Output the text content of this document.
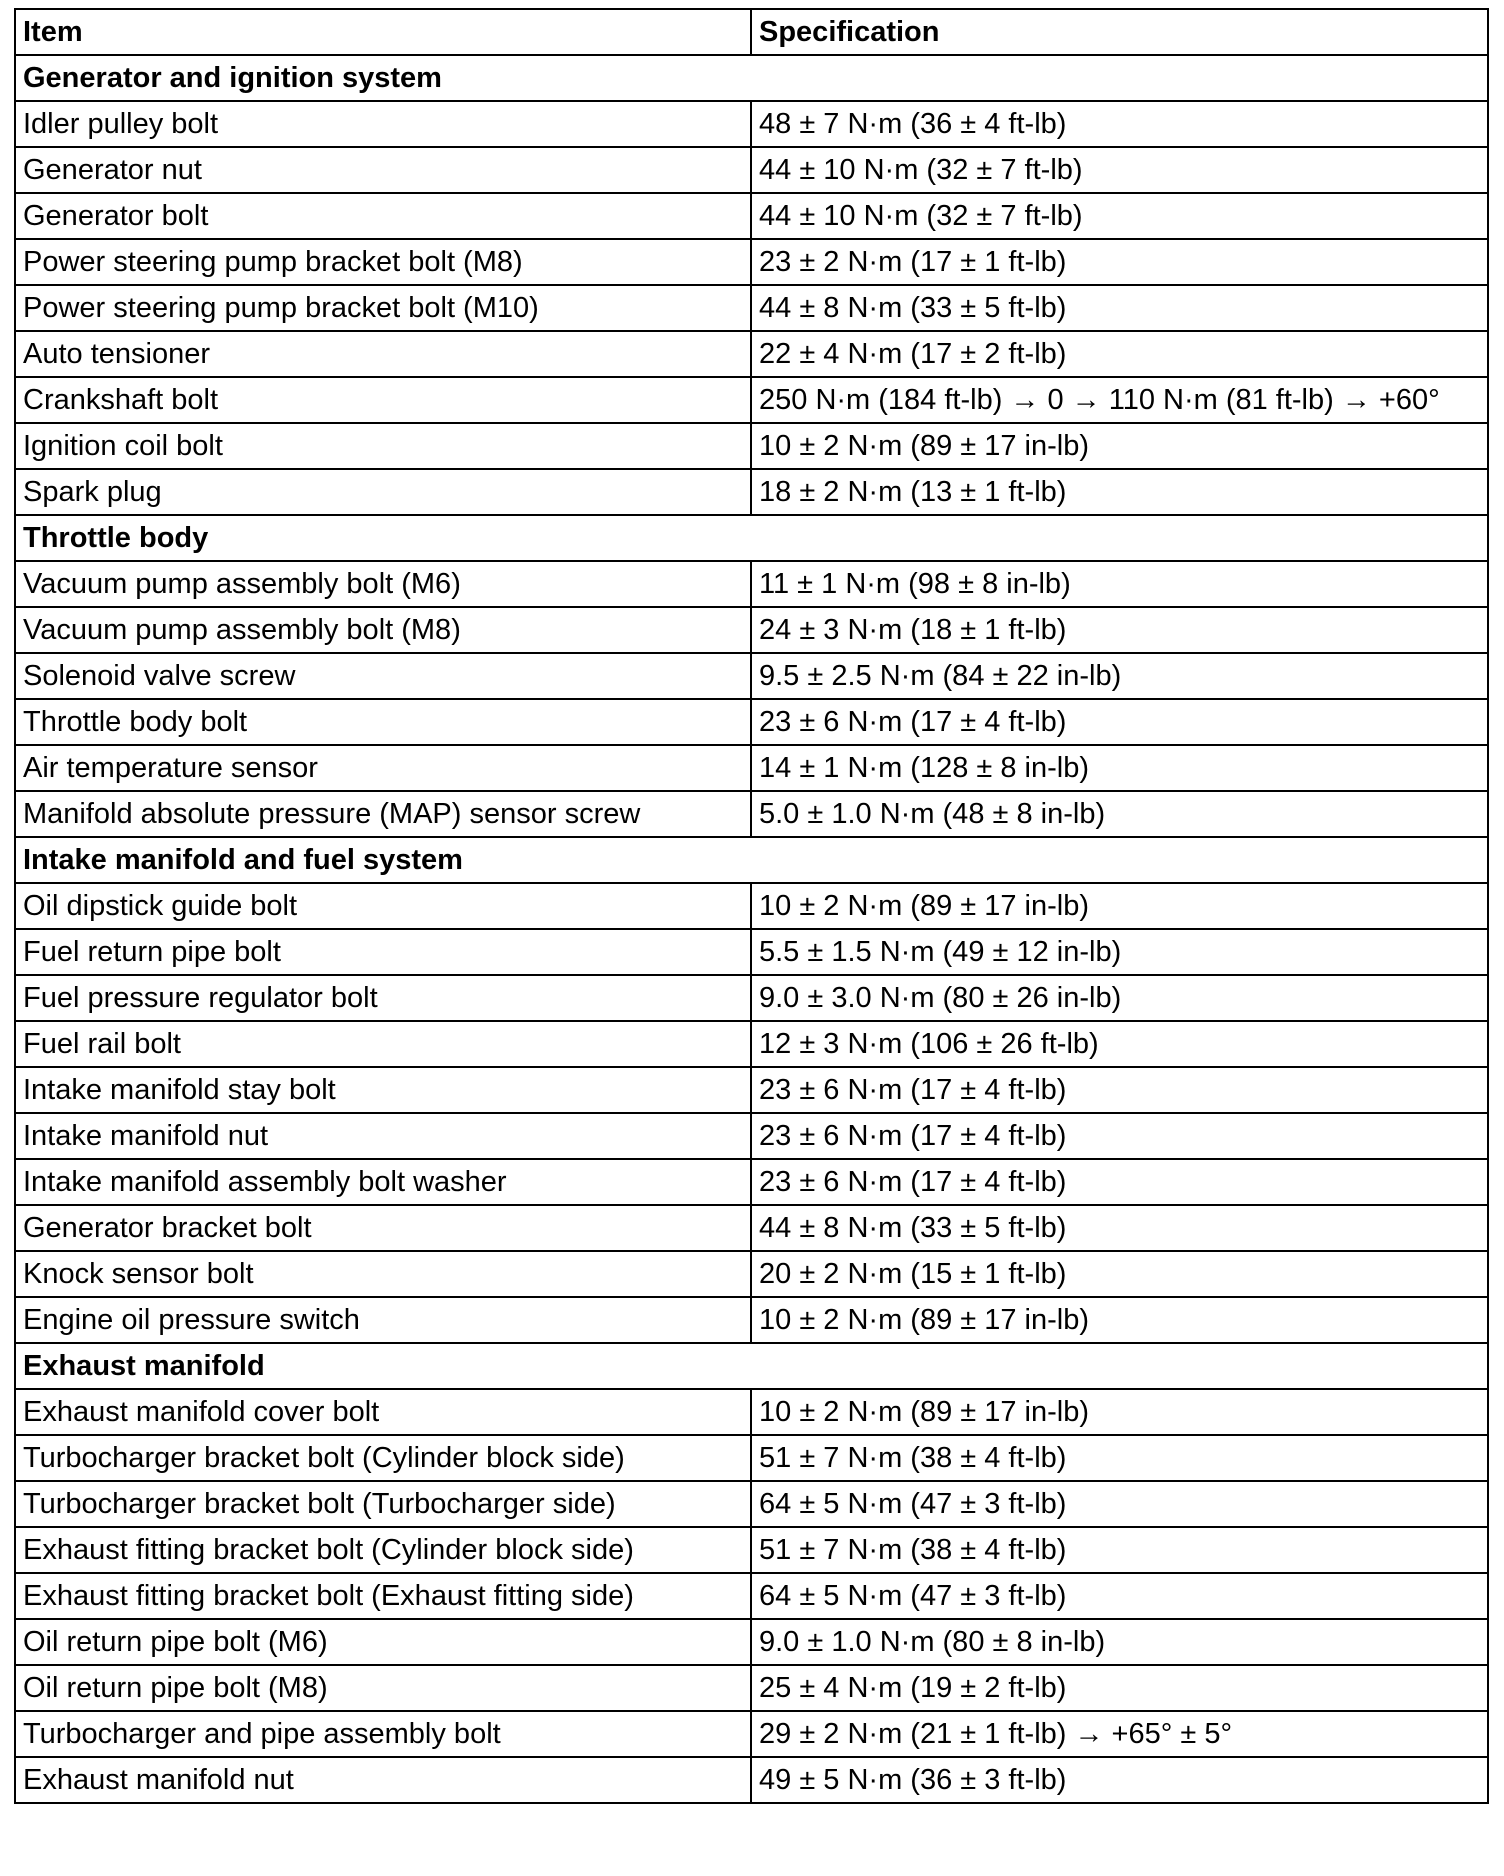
Item	Specification
Generator and ignition system	
Idler pulley bolt	48 ± 7 N·m (36 ± 4 ft-lb)
Generator nut	44 ± 10 N·m (32 ± 7 ft-lb)
Generator bolt	44 ± 10 N·m (32 ± 7 ft-lb)
Power steering pump bracket bolt (M8)	23 ± 2 N·m (17 ± 1 ft-lb)
Power steering pump bracket bolt (M10)	44 ± 8 N·m (33 ± 5 ft-lb)
Auto tensioner	22 ± 4 N·m (17 ± 2 ft-lb)
Crankshaft bolt	250 N·m (184 ft-lb) → 0 → 110 N·m (81 ft-lb) → +60°
Ignition coil bolt	10 ± 2 N·m (89 ± 17 in-lb)
Spark plug	18 ± 2 N·m (13 ± 1 ft-lb)
Throttle body	
Vacuum pump assembly bolt (M6)	11 ± 1 N·m (98 ± 8 in-lb)
Vacuum pump assembly bolt (M8)	24 ± 3 N·m (18 ± 1 ft-lb)
Solenoid valve screw	9.5 ± 2.5 N·m (84 ± 22 in-lb)
Throttle body bolt	23 ± 6 N·m (17 ± 4 ft-lb)
Air temperature sensor	14 ± 1 N·m (128 ± 8 in-lb)
Manifold absolute pressure (MAP) sensor screw	5.0 ± 1.0 N·m (48 ± 8 in-lb)
Intake manifold and fuel system	
Oil dipstick guide bolt	10 ± 2 N·m (89 ± 17 in-lb)
Fuel return pipe bolt	5.5 ± 1.5 N·m (49 ± 12 in-lb)
Fuel pressure regulator bolt	9.0 ± 3.0 N·m (80 ± 26 in-lb)
Fuel rail bolt	12 ± 3 N·m (106 ± 26 ft-lb)
Intake manifold stay bolt	23 ± 6 N·m (17 ± 4 ft-lb)
Intake manifold nut	23 ± 6 N·m (17 ± 4 ft-lb)
Intake manifold assembly bolt washer	23 ± 6 N·m (17 ± 4 ft-lb)
Generator bracket bolt	44 ± 8 N·m (33 ± 5 ft-lb)
Knock sensor bolt	20 ± 2 N·m (15 ± 1 ft-lb)
Engine oil pressure switch	10 ± 2 N·m (89 ± 17 in-lb)
Exhaust manifold	
Exhaust manifold cover bolt	10 ± 2 N·m (89 ± 17 in-lb)
Turbocharger bracket bolt (Cylinder block side)	51 ± 7 N·m (38 ± 4 ft-lb)
Turbocharger bracket bolt (Turbocharger side)	64 ± 5 N·m (47 ± 3 ft-lb)
Exhaust fitting bracket bolt (Cylinder block side)	51 ± 7 N·m (38 ± 4 ft-lb)
Exhaust fitting bracket bolt (Exhaust fitting side)	64 ± 5 N·m (47 ± 3 ft-lb)
Oil return pipe bolt (M6)	9.0 ± 1.0 N·m (80 ± 8 in-lb)
Oil return pipe bolt (M8)	25 ± 4 N·m (19 ± 2 ft-lb)
Turbocharger and pipe assembly bolt	29 ± 2 N·m (21 ± 1 ft-lb) → +65° ± 5°
Exhaust manifold nut	49 ± 5 N·m (36 ± 3 ft-lb)
